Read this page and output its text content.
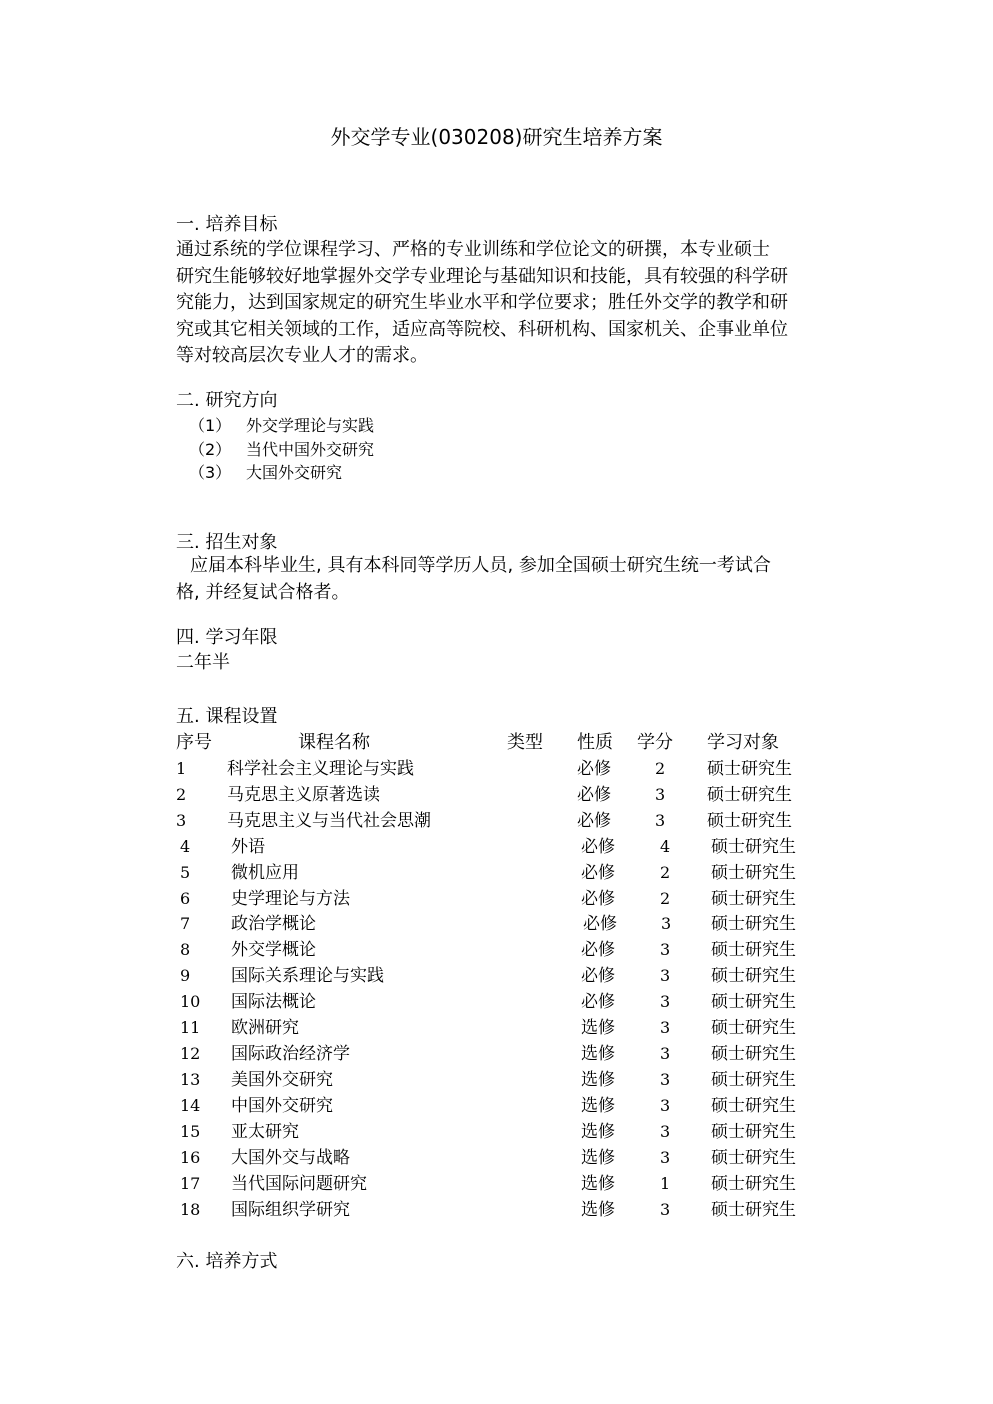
外交学专业(030208)研究生培养方案
一. 培养目标
通过系统的学位课程学习、严格的专业训练和学位论文的研撰，本专业硕士
研究生能够较好地掌握外交学专业理论与基础知识和技能，具有较强的科学研
究能力，达到国家规定的研究生毕业水平和学位要求；胜任外交学的教学和研
究或其它相关领域的工作，适应高等院校、科研机构、国家机关、企事业单位
等对较高层次专业人才的需求。
二. 研究方向
（1） 外交学理论与实践
（2） 当代中国外交研究
（3） 大国外交研究
三. 招生对象
应届本科毕业生, 具有本科同等学历人员, 参加全国硕士研究生统一考试合
格, 并经复试合格者。
四. 学习年限
二年半
五. 课程设置
序号	课程名称	类型 性质 学分 学习对象
1 科学社会主义理论与实践	必修	2 硕士研究生
2 马克思主义原著选读	必修	3 硕士研究生
3 马克思主义与当代社会思潮	必修	3 硕士研究生
4 外语	必修	4 硕士研究生
5 微机应用	必修	2 硕士研究生
6 史学理论与方法	必修	2 硕士研究生
7 政治学概论	必修	3 硕士研究生
8 外交学概论	必修	3 硕士研究生
9 国际关系理论与实践	必修	3 硕士研究生
10 国际法概论	必修	3 硕士研究生
11 欧洲研究	选修	3 硕士研究生
12 国际政治经济学	选修	3 硕士研究生
13 美国外交研究	选修	3 硕士研究生
14 中国外交研究	选修	3 硕士研究生
15 亚太研究	选修	3 硕士研究生
16 大国外交与战略	选修	3 硕士研究生
17 当代国际问题研究	选修	1 硕士研究生
18 国际组织学研究	选修	3 硕士研究生
六. 培养方式
